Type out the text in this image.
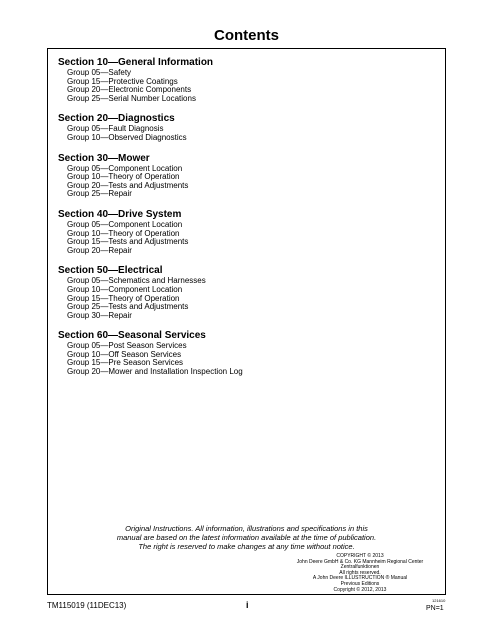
Contents
Section 10—General Information
Group 05—Safety
Group 15—Protective Coatings
Group 20—Electronic Components
Group 25—Serial Number Locations
Section 20—Diagnostics
Group 05—Fault Diagnosis
Group 10—Observed Diagnostics
Section 30—Mower
Group 05—Component Location
Group 10—Theory of Operation
Group 20—Tests and Adjustments
Group 25—Repair
Section 40—Drive System
Group 05—Component Location
Group 10—Theory of Operation
Group 15—Tests and Adjustments
Group 20—Repair
Section 50—Electrical
Group 05—Schematics and Harnesses
Group 10—Component Location
Group 15—Theory of Operation
Group 25—Tests and Adjustments
Group 30—Repair
Section 60—Seasonal Services
Group 05—Post Season Services
Group 10—Off Season Services
Group 15—Pre Season Services
Group 20—Mower and Installation Inspection Log
Original Instructions. All information, illustrations and specifications in this
manual are based on the latest information available at the time of publication.
The right is reserved to make changes at any time without notice.
COPYRIGHT © 2013
John Deere GmbH & Co. KG Mannheim Regional Center
Zentralfunktionen
All rights reserved.
A John Deere ILLUSTRUCTION ® Manual
Previous Editions
Copyright © 2012, 2013
TM115019 (11DEC13)	i	121610
PN=1
